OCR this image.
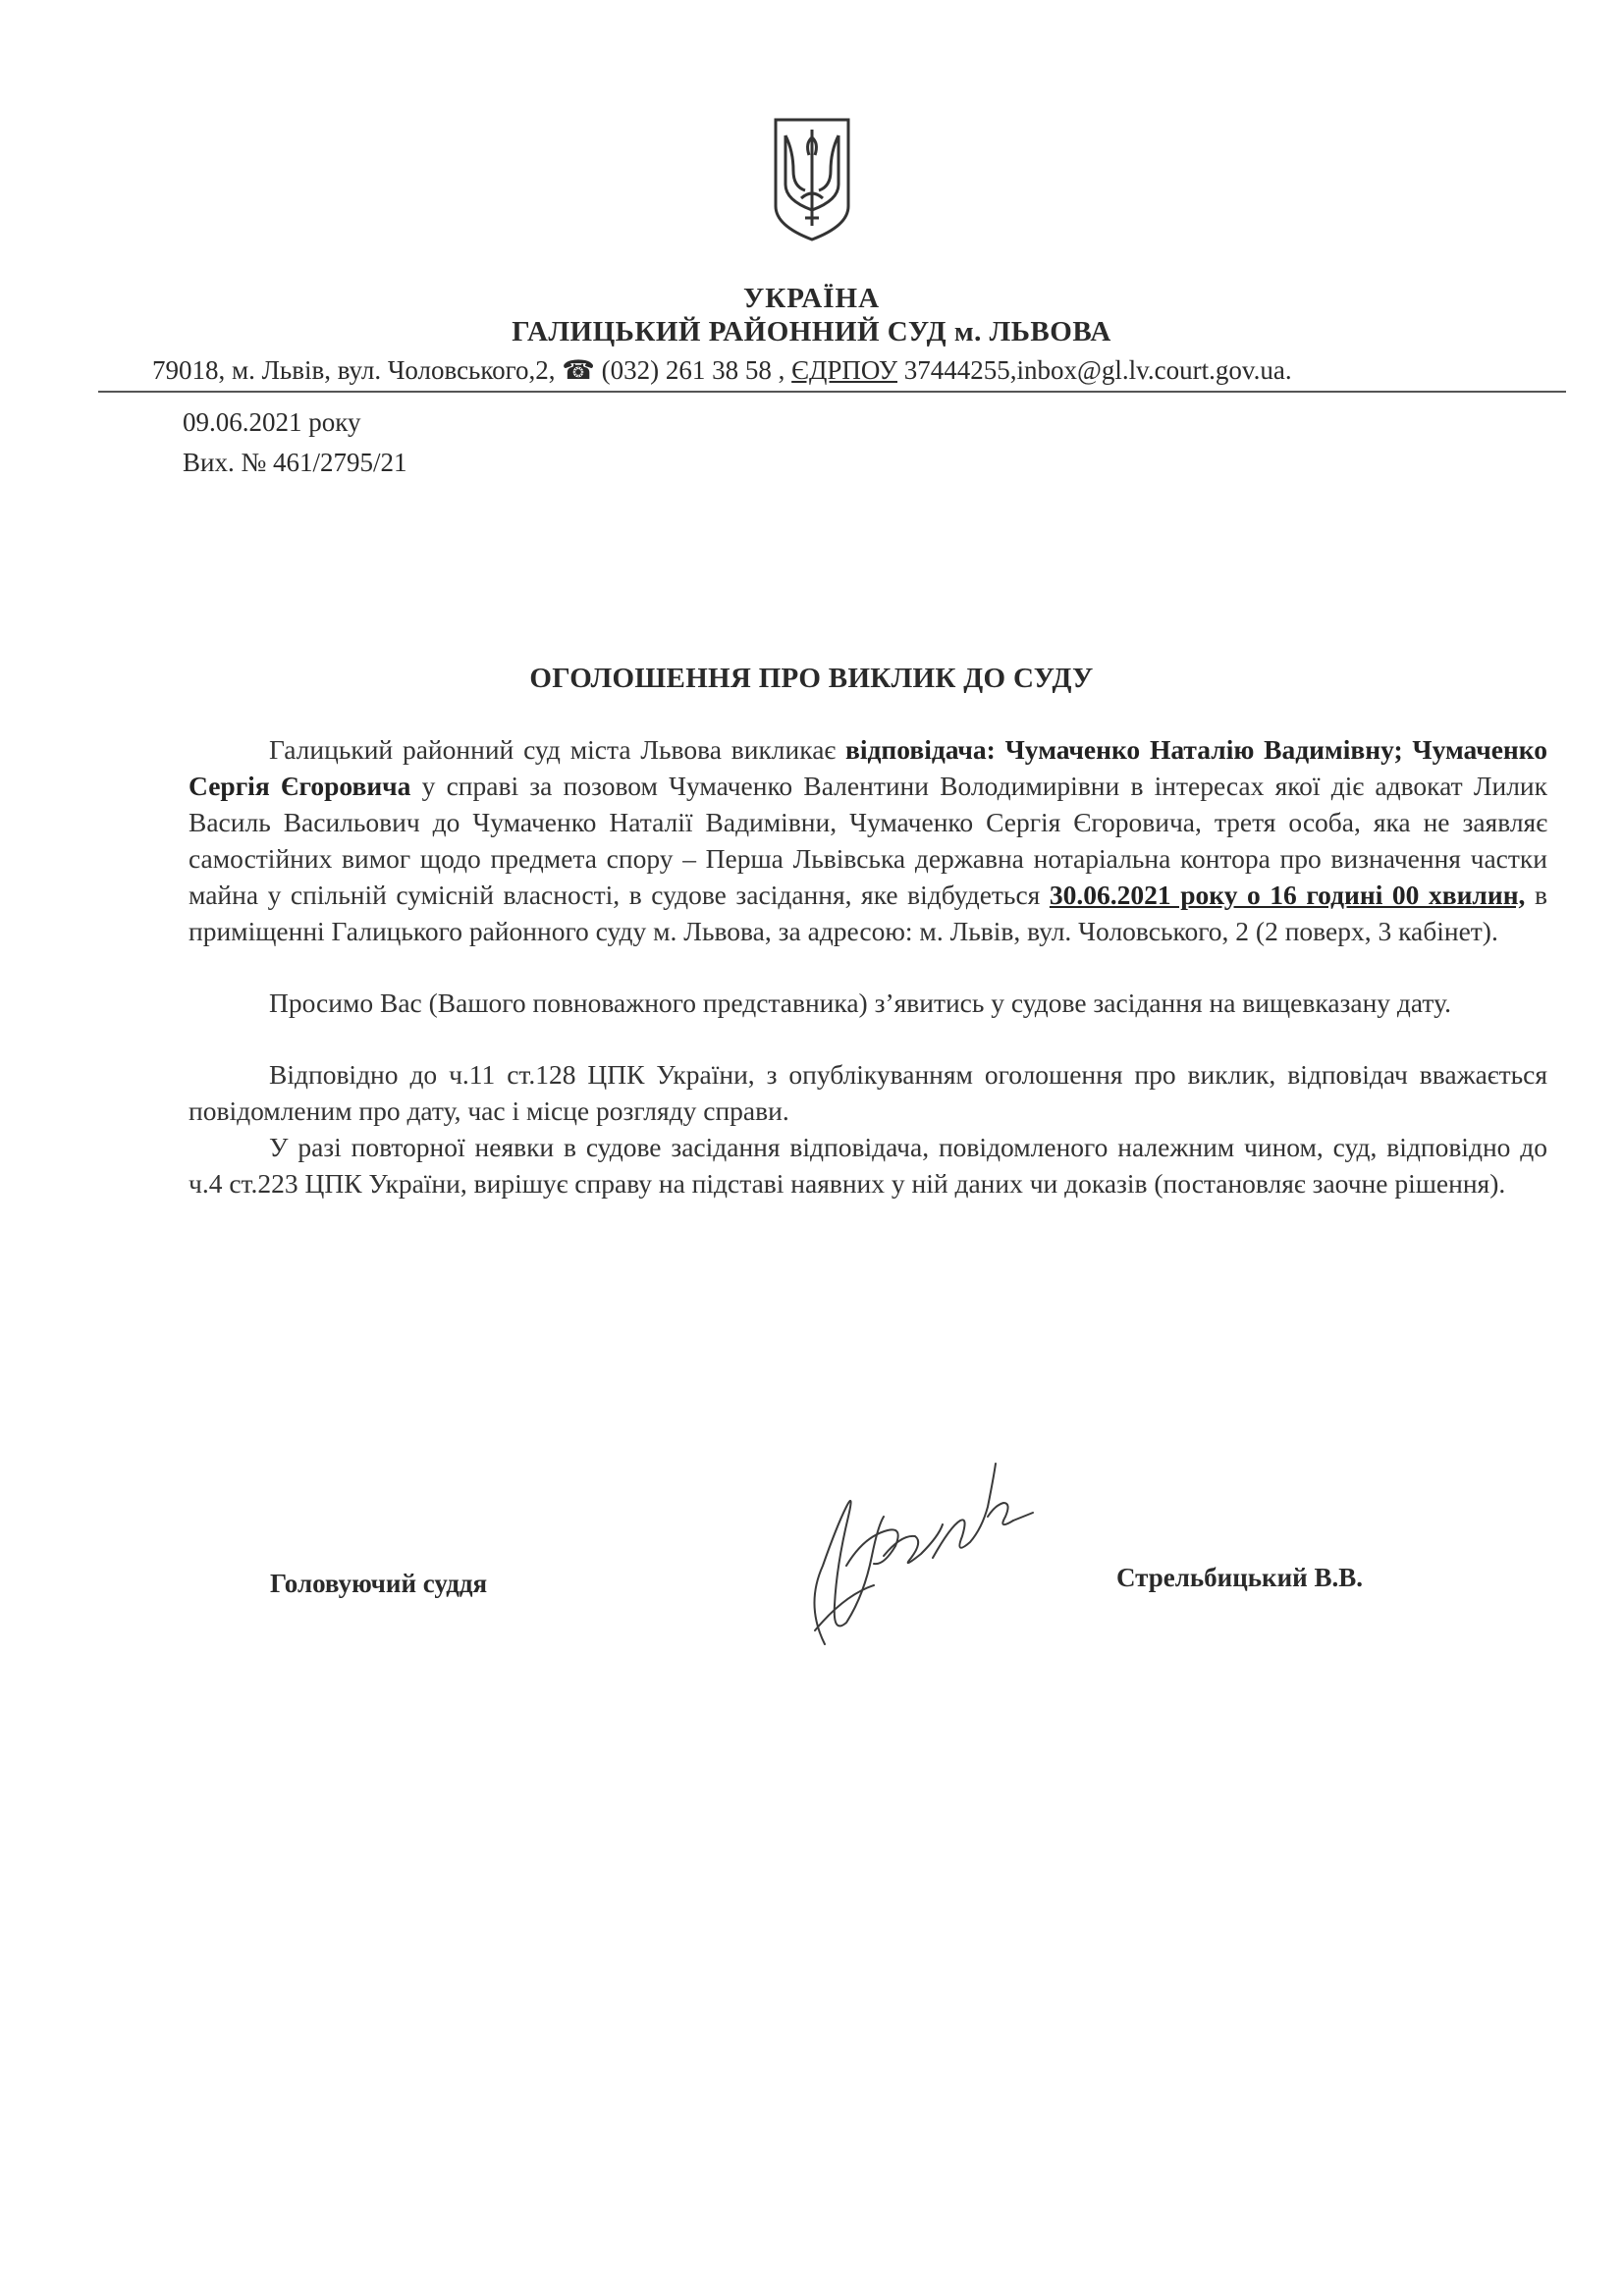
УКРАЇНА
ГАЛИЦЬКИЙ РАЙОННИЙ СУД м. ЛЬВОВА
79018, м. Львів, вул. Чоловського,2, ☎ (032) 261 38 58 , ЄДРПОУ 37444255,inbox@gl.lv.court.gov.ua.
09.06.2021 року
Вих. № 461/2795/21
ОГОЛОШЕННЯ ПРО ВИКЛИК ДО СУДУ

Галицький районний суд міста Львова викликає відповідача: Чумаченко Наталію Вадимівну; Чумаченко Сергія Єгоровича у справі за позовом Чумаченко Валентини Володимирівни в інтересах якої діє адвокат Лилик Василь Васильович до Чумаченко Наталії Вадимівни, Чумаченко Сергія Єгоровича, третя особа, яка не заявляє самостійних вимог щодо предмета спору – Перша Львівська державна нотаріальна контора про визначення частки майна у спільній сумісній власності, в судове засідання, яке відбудеться 30.06.2021 року о 16 годині 00 хвилин, в приміщенні Галицького районного суду м. Львова, за адресою: м. Львів, вул. Чоловського, 2 (2 поверх, 3 кабінет).

Просимо Вас (Вашого повноважного представника) з’явитись у судове засідання на вищевказану дату.

Відповідно до ч.11 ст.128 ЦПК України, з опублікуванням оголошення про виклик, відповідач вважається повідомленим про дату, час і місце розгляду справи.

У разі повторної неявки в судове засідання відповідача, повідомленого належним чином, суд, відповідно до ч.4 ст.223 ЦПК України, вирішує справу на підставі наявних у ній даних чи доказів (постановляє заочне рішення).

Головуючий суддя	Стрельбицький В.В.
